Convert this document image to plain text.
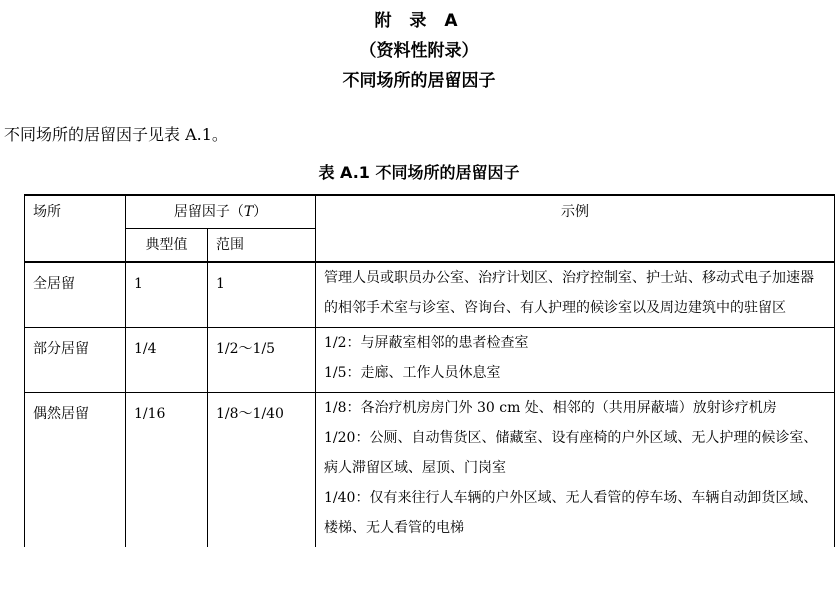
附 录 A
（资料性附录）
不同场所的居留因子
不同场所的居留因子见表 A.1。
表 A.1 不同场所的居留因子
场所	居留因子（T）		示例
	典型值	范围	
全居留	1	1	管理人员或职员办公室、治疗计划区、治疗控制室、护士站、移动式电子加速器的相邻手术室与诊室、咨询台、有人护理的候诊室以及周边建筑中的驻留区

部分居留	1/4	1/2～1/5	1/2：与屏蔽室相邻的患者检查室
1/5：走廊、工作人员休息室

偶然居留	1/16	1/8～1/40	1/8：各治疗机房房门外 30 cm 处、相邻的（共用屏蔽墙）放射诊疗机房
1/20：公厕、自动售货区、储藏室、设有座椅的户外区域、无人护理的候诊室、病人滞留区域、屋顶、门岗室
1/40：仅有来往行人车辆的户外区域、无人看管的停车场、车辆自动卸货区域、楼梯、无人看管的电梯
